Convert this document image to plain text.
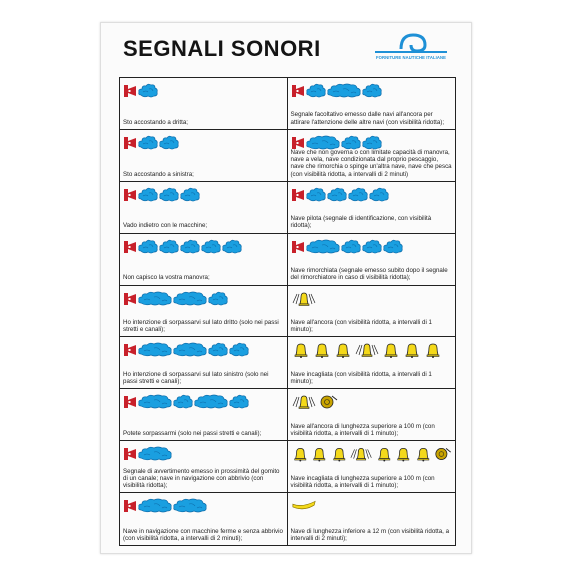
SEGNALI SONORI	FORNITURE NAUTICHE ITALIANE
Sto accostando a dritta;
Segnale facoltativo emesso dalle navi all'ancora per attirare l'attenzione delle altre navi (con visibilità ridotta);
Sto accostando a sinistra;
Nave che non governa o con limitate capacità di manovra, nave a vela, nave condizionata dal proprio pescaggio, nave che rimorchia o spinge un'altra nave, nave che pesca (con visibilità ridotta, a intervalli di 2 minuti)
Vado indietro con le macchine;
Nave pilota (segnale di identificazione, con visibilità ridotta);
Non capisco la vostra manovra;
Nave rimorchiata (segnale emesso subito dopo il segnale del rimorchiatore in caso di visibilità ridotta);
Ho intenzione di sorpassarvi sul lato dritto (solo nei passi stretti e canali);
Nave all'ancora (con visibilità ridotta, a intervalli di 1 minuto);
Ho intenzione di sorpassarvi sul lato sinistro (solo nei passi stretti e canali);
Nave incagliata (con visibilità ridotta, a intervalli di 1 minuto);
Potete sorpassarmi (solo nei passi stretti e canali);
Nave all'ancora di lunghezza superiore a 100 m (con visibilità ridotta, a intervalli di 1 minuto);
Segnale di avvertimento emesso in prossimità del gomito di un canale; nave in navigazione con abbrivio (con visibilità ridotta);
Nave incagliata di lunghezza superiore a 100 m (con visibilità ridotta, a intervalli di 1 minuto);
Nave in navigazione con macchine ferme e senza abbrivio (con visibilità ridotta, a intervalli di 2 minuti);
Nave di lunghezza inferiore a 12 m (con visibilità ridotta, a intervalli di 2 minuti);
